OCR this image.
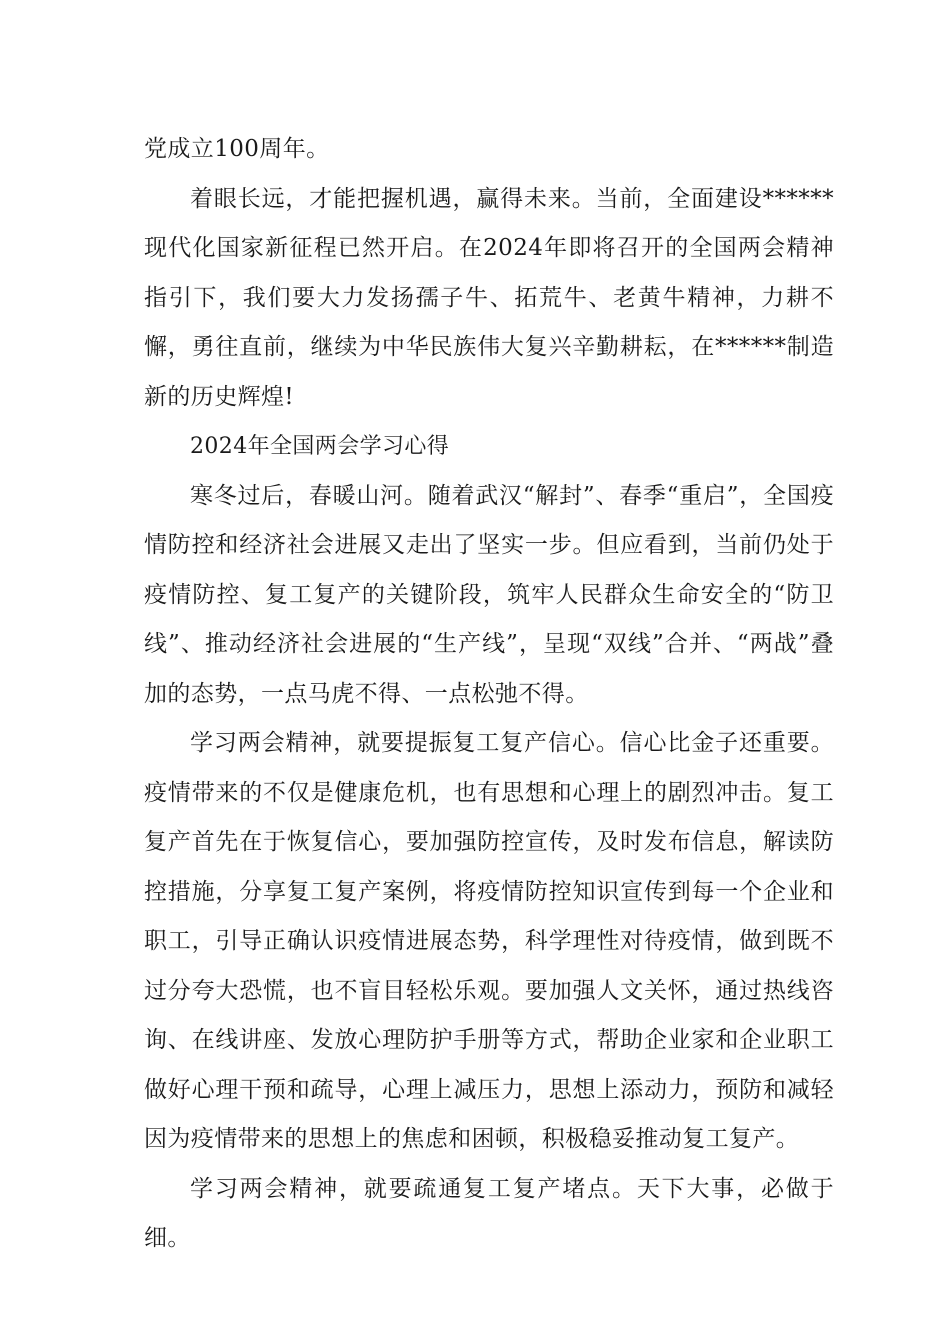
党成立100周年。

着眼长远，才能把握机遇，赢得未来。当前，全面建设******现代化国家新征程已然开启。在2024年即将召开的全国两会精神指引下，我们要大力发扬孺子牛、拓荒牛、老黄牛精神，力耕不懈，勇往直前，继续为中华民族伟大复兴辛勤耕耘，在******制造新的历史辉煌!

2024年全国两会学习心得

寒冬过后，春暖山河。随着武汉“解封”、春季“重启”，全国疫情防控和经济社会进展又走出了坚实一步。但应看到，当前仍处于疫情防控、复工复产的关键阶段，筑牢人民群众生命安全的“防卫线”、推动经济社会进展的“生产线”，呈现“双线”合并、“两战”叠加的态势，一点马虎不得、一点松弛不得。

学习两会精神，就要提振复工复产信心。信心比金子还重要。疫情带来的不仅是健康危机，也有思想和心理上的剧烈冲击。复工复产首先在于恢复信心，要加强防控宣传，及时发布信息，解读防控措施，分享复工复产案例，将疫情防控知识宣传到每一个企业和职工，引导正确认识疫情进展态势，科学理性对待疫情，做到既不过分夸大恐慌，也不盲目轻松乐观。要加强人文关怀，通过热线咨询、在线讲座、发放心理防护手册等方式，帮助企业家和企业职工做好心理干预和疏导，心理上减压力，思想上添动力，预防和减轻因为疫情带来的思想上的焦虑和困顿，积极稳妥推动复工复产。

学习两会精神，就要疏通复工复产堵点。天下大事，必做于细。
